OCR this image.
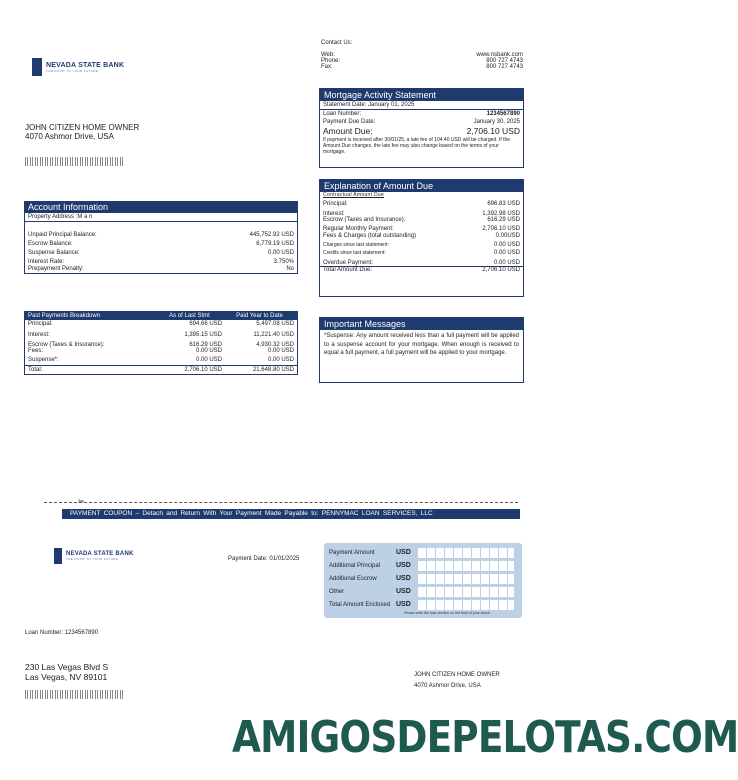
NEVADA STATE BANK
THE DOOR TO YOUR FUTURE
Contact Us:
Web:	www.nsbank.com
Phone:	800 727 4743
Fax:	800 727 4743
JOHN CITIZEN HOME OWNER
4070 Ashmor Drive, USA
Mortgage Activity Statement
Statement Date: January 01, 2025
Loan Number:	1234567890
Payment Due Date:	January 30, 2025
Amount Due:	2,706.10 USD
If payment is received after 30/01/25, a late fee of 104.40 USD will be charged. If the Amount Due changes, the late fee may also change based on the terms of your mortgage.
Explanation of Amount Due
Contractual Amount Due
Principal:	696.83 USD
Interest:	1,392.98 USD
Escrow (Taxes and Insurance):	616.29 USD
Regular Monthly Payment:	2,706.10 USD
Fees & Charges (total outstanding)	0.00USD
Charges since last statement:	0.00 USD
Credits since last statement:	0.00 USD
Overdue Payment:	0.00 USD
Total Amount Due:	2,706.10 USD
Account Information
Property Address :M a n
Unpaid Principal Balance:	445,752.92 USD
Escrow Balance:	6,779.19 USD
Suspense Balance:	0.00 USD
Interest Rate:	3.750%
Prepayment Penalty:	No
Past Payments Breakdown	As of Last Stmt	Paid Year to Date
Principal:	694.66 USD	5,497.08 USD
Interest:	1,395.15 USD	11,221.40 USD
Escrow (Taxes & Insurance):	616.29 USD	4,930.32 USD
Fees:	0.00 USD	0.00 USD
Suspense*:	0.00 USD	0.00 USD
Total:	2,706.10 USD	21,648.80 USD
Important Messages
*Suspense: Any amount received less than a full payment will be applied to a suspense account for your mortgage. When enough is received to equal a full payment, a full payment will be applied to your mortgage.
✂
PAYMENT COUPON – Detach and Return With Your Payment Made Payable to: PENNYMAC LOAN SERVICES, LLC
NEVADA STATE BANK
THE DOOR TO YOUR FUTURE	Payment Date: 01/01/2025
Payment Amount	USD
Additional Principal	USD
Additional Escrow	USD
Other	USD
Total Amount Enclosed USD
Please write the loan number on the front of your check.
Loan Number: 1234567890
230 Las Vegas Blvd S
Las Vegas, NV 89101	JOHN CITIZEN HOME OWNER
4070 Ashmor Drive, USA
AMIGOSDEPELOTAS.COM
